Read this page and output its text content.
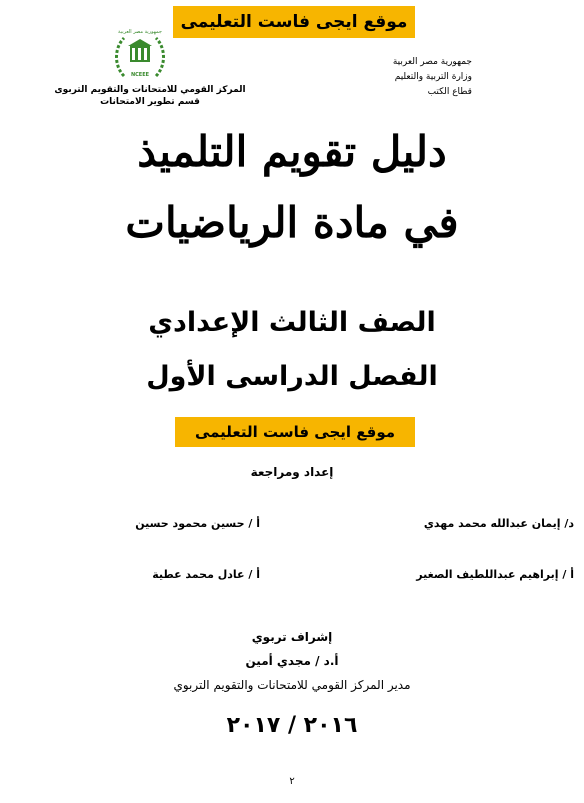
موقع ايجى فاست التعليمى
جمهورية مصر العربية
NCEEE
المركز القومي للامتحانات والتقويم التربوى
قسم تطوير الامتحانات
جمهورية مصر العربية
وزارة التربية والتعليم
قطاع الكتب
دليل تقويم التلميذ
في مادة الرياضيات
الصف الثالث الإعدادي
الفصل الدراسى الأول
موقع ايجى فاست التعليمى
إعداد ومراجعة
د/ إيمان عبدالله محمد مهدي
أ / حسين محمود حسين
أ / إبراهيم عبداللطيف الصغير
أ / عادل محمد عطية
إشراف تربوي
أ.د / مجدي أمين
مدير المركز القومي للامتحانات والتقويم التربوي
٢٠١٦ / ٢٠١٧
٢
